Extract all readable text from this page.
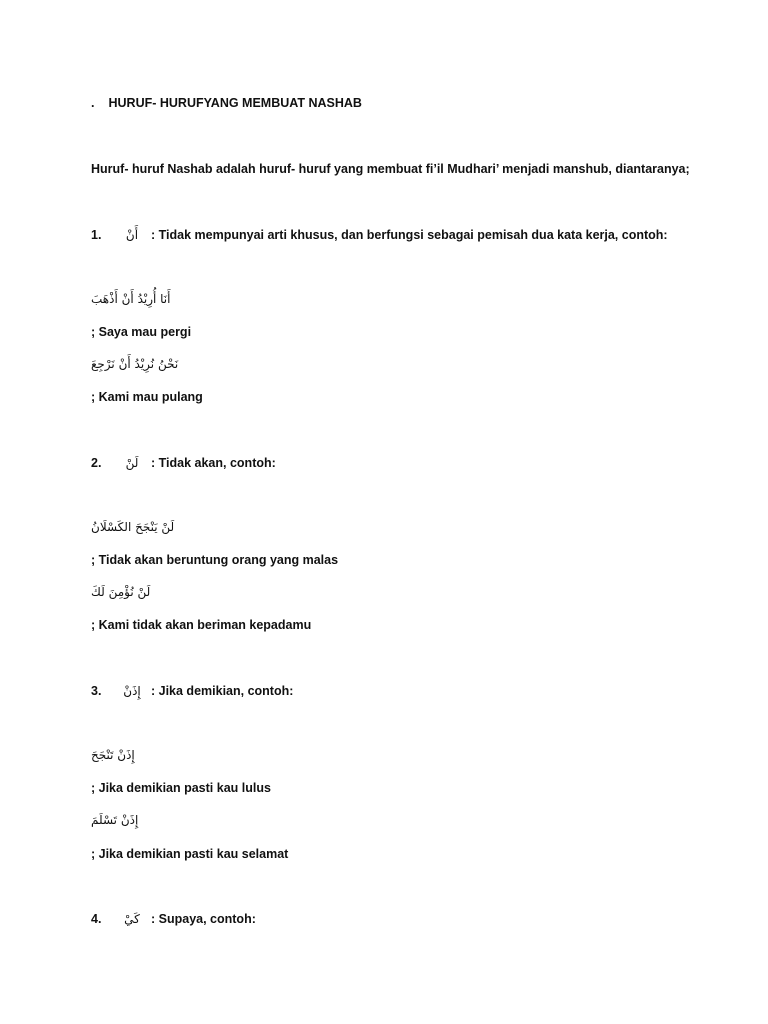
. HURUF- HURUFYANG MEMBUAT NASHAB
Huruf- huruf Nashab adalah huruf- huruf yang membuat fi’il Mudhari’ menjadi manshub, diantaranya;
1. أَنْ : Tidak mempunyai arti khusus, dan berfungsi sebagai pemisah dua kata kerja, contoh:
أَنَا أُرِيْدُ أَنْ أَذْهَبَ
; Saya mau pergi
نَحْنُ نُرِيْدُ أَنْ نَرْجِعَ
; Kami mau pulang
2. لَنْ : Tidak akan, contoh:
لَنْ يَنْجَحَ الكَسْلَانُ
; Tidak akan beruntung orang yang malas
لَنْ نُؤْمِنَ لَكَ
; Kami tidak akan beriman kepadamu
3. إِذَنْ : Jika demikian, contoh:
إِذَنْ تَنْجَحَ
; Jika demikian pasti kau lulus
إِذَنْ تَسْلَمَ
; Jika demikian pasti kau selamat
4. كَيْ : Supaya, contoh:
